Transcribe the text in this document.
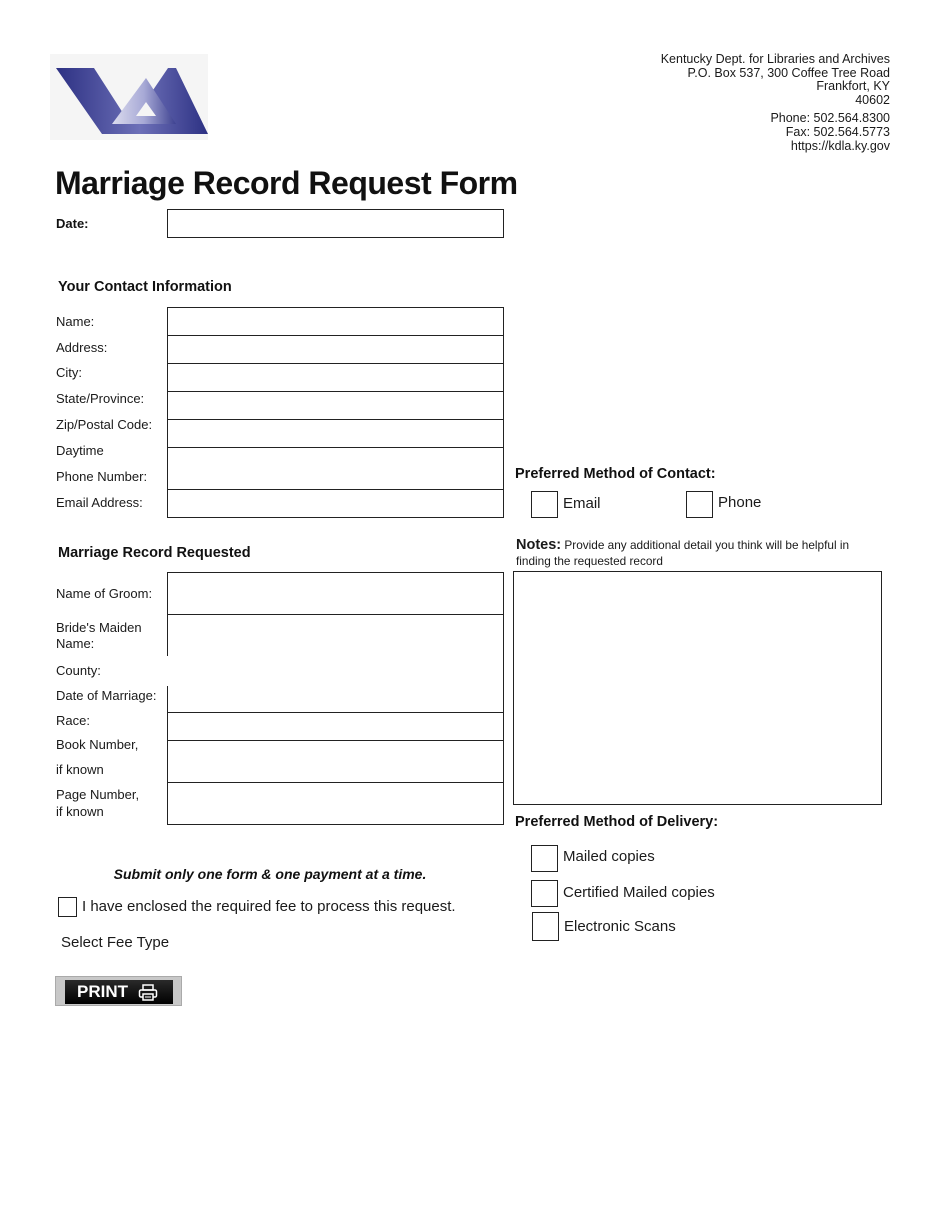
Kentucky Dept. for Libraries and Archives
P.O. Box 537, 300 Coffee Tree Road
Frankfort, KY
40602
Phone: 502.564.8300
Fax: 502.564.5773
https://kdla.ky.gov
Marriage Record Request Form
Date:
Your Contact Information
Name:
Address:
City:
State/Province:
Zip/Postal Code:
Daytime
Phone Number:
Email Address:
Preferred Method of Contact:
Email	Phone
Marriage Record Requested
Name of Groom:
Bride's Maiden
Name:
County:
Date of Marriage:
Race:
Book Number,
if known
Page Number,
if known
Notes: Provide any additional detail you think will be helpful in finding the requested record
Preferred Method of Delivery:
Mailed copies
Certified Mailed copies
Electronic Scans
Submit only one form & one payment at a time.
I have enclosed the required fee to process this request.
Select Fee Type
PRINT
